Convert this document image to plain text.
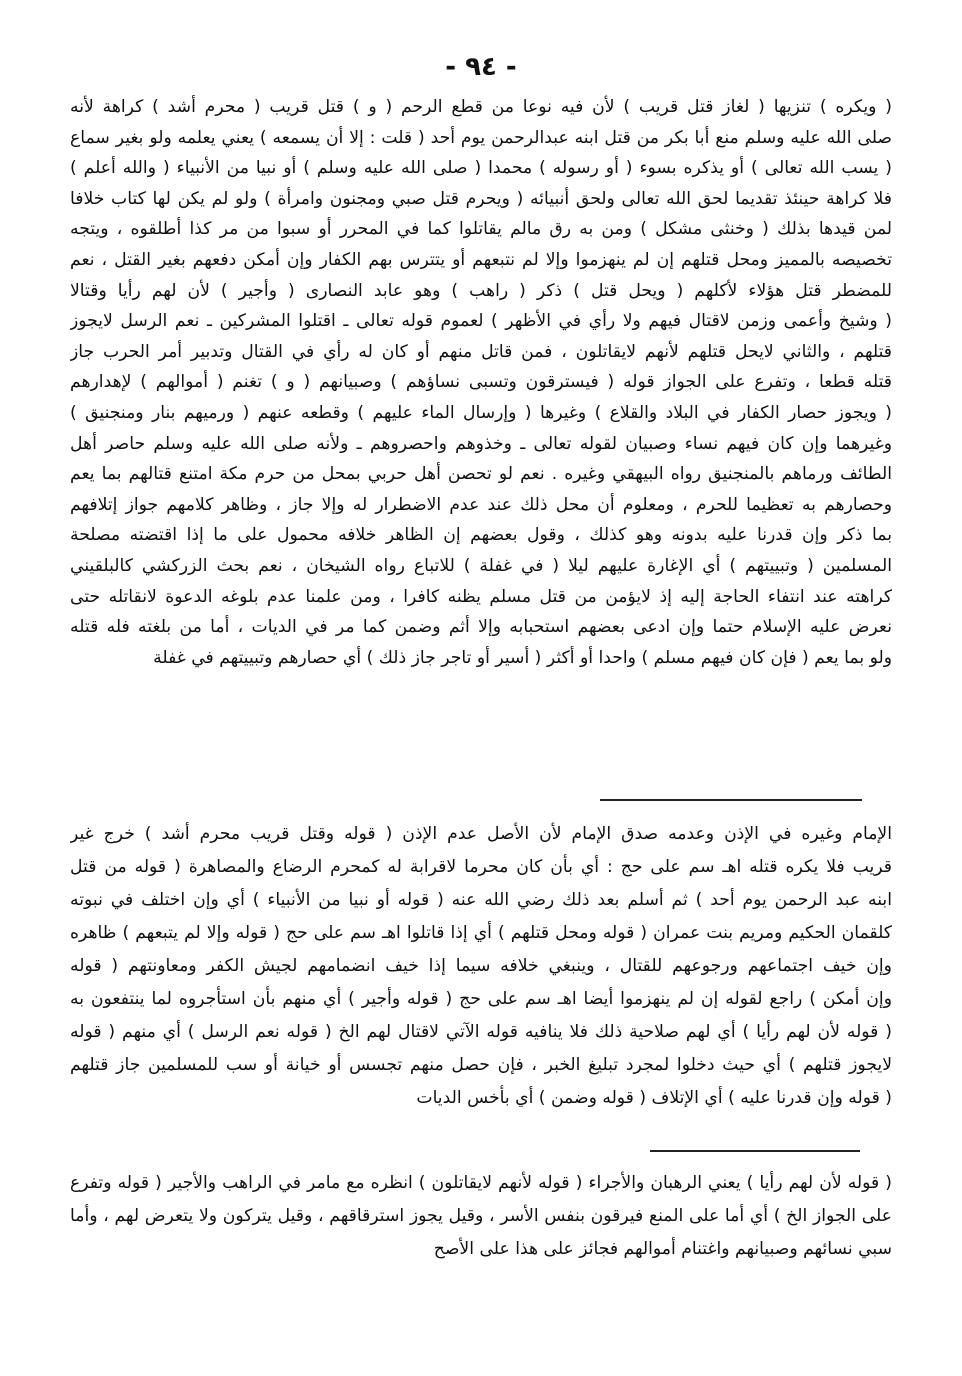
- ٩٤ -

( ويكره ) تنزيها ( لغاز قتل قريب ) لأن فيه نوعا من قطع الرحم ( و ) قتل قريب ( محرم أشد ) كراهة لأنه

صلى الله عليه وسلم منع أبا بكر من قتل ابنه عبدالرحمن يوم أحد ( قلت : إلا أن يسمعه ) يعني يعلمه ولو بغير سماع

( يسب الله تعالى ) أو يذكره بسوء ( أو رسوله ) محمدا ( صلى الله عليه وسلم ) أو نبيا من الأنبياء ( والله أعلم )

فلا كراهة حينئذ تقديما لحق الله تعالى ولحق أنبيائه ( ويحرم قتل صبي ومجنون وامرأة ) ولو لم يكن لها كتاب خلافا

لمن قيدها بذلك ( وخنثى مشكل ) ومن به رق مالم يقاتلوا كما في المحرر أو سبوا من مر كذا أطلقوه ، ويتجه

تخصيصه بالمميز ومحل قتلهم إن لم ينهزموا وإلا لم نتبعهم أو يتترس بهم الكفار وإن أمكن دفعهم بغير القتل ، نعم

للمضطر قتل هؤلاء لأكلهم ( ويحل قتل ) ذكر ( راهب ) وهو عابد النصارى ( وأجير ) لأن لهم رأيا وقتالا

( وشيخ وأعمى وزمن لاقتال فيهم ولا رأي في الأظهر ) لعموم قوله تعالى ـ اقتلوا المشركين ـ نعم الرسل لايجوز

قتلهم ، والثاني لايحل قتلهم لأنهم لايقاتلون ، فمن قاتل منهم أو كان له رأي في القتال وتدبير أمر الحرب جاز

قتله قطعا ، وتفرع على الجواز قوله ( فيسترقون وتسبى نساؤهم ) وصبيانهم ( و ) تغنم ( أموالهم ) لإهدارهم

( ويجوز حصار الكفار في البلاد والقلاع ) وغيرها ( وإرسال الماء عليهم ) وقطعه عنهم ( ورميهم بنار ومنجنيق )

وغيرهما وإن كان فيهم نساء وصبيان لقوله تعالى ـ وخذوهم واحصروهم ـ ولأنه صلى الله عليه وسلم حاصر أهل

الطائف ورماهم بالمنجنيق رواه البيهقي وغيره . نعم لو تحصن أهل حربي بمحل من حرم مكة امتنع قتالهم بما يعم

وحصارهم به تعظيما للحرم ، ومعلوم أن محل ذلك عند عدم الاضطرار له وإلا جاز ، وظاهر كلامهم جواز إتلافهم

بما ذكر وإن قدرنا عليه بدونه وهو كذلك ، وقول بعضهم إن الظاهر خلافه محمول على ما إذا اقتضته مصلحة

المسلمين ( وتبييتهم ) أي الإغارة عليهم ليلا ( في غفلة ) للاتباع رواه الشيخان ، نعم بحث الزركشي كالبلقيني

كراهته عند انتفاء الحاجة إليه إذ لايؤمن من قتل مسلم يظنه كافرا ، ومن علمنا عدم بلوغه الدعوة لانقاتله حتى

نعرض عليه الإسلام حتما وإن ادعى بعضهم استحبابه وإلا أثم وضمن كما مر في الديات ، أما من بلغته فله قتله

ولو بما يعم ( فإن كان فيهم مسلم ) واحدا أو أكثر ( أسير أو تاجر جاز ذلك ) أي حصارهم وتبييتهم في غفلة

الإمام وغيره في الإذن وعدمه صدق الإمام لأن الأصل عدم الإذن ( قوله وقتل قريب محرم أشد ) خرج غير

قريب فلا يكره قتله اهـ سم على حج : أي بأن كان محرما لاقرابة له كمحرم الرضاع والمصاهرة ( قوله من قتل

ابنه عبد الرحمن يوم أحد ) ثم أسلم بعد ذلك رضي الله عنه ( قوله أو نبيا من الأنبياء ) أي وإن اختلف في نبوته

كلقمان الحكيم ومريم بنت عمران ( قوله ومحل قتلهم ) أي إذا قاتلوا اهـ سم على حج ( قوله وإلا لم يتبعهم ) ظاهره

وإن خيف اجتماعهم ورجوعهم للقتال ، وينبغي خلافه سيما إذا خيف انضمامهم لجيش الكفر ومعاونتهم ( قوله

وإن أمكن ) راجع لقوله إن لم ينهزموا أيضا اهـ سم على حج ( قوله وأجير ) أي منهم بأن استأجروه لما ينتفعون به

( قوله لأن لهم رأيا ) أي لهم صلاحية ذلك فلا ينافيه قوله الآتي لاقتال لهم الخ ( قوله نعم الرسل ) أي منهم ( قوله

لايجوز قتلهم ) أي حيث دخلوا لمجرد تبليغ الخبر ، فإن حصل منهم تجسس أو خيانة أو سب للمسلمين جاز قتلهم

( قوله وإن قدرنا عليه ) أي الإتلاف ( قوله وضمن ) أي بأخس الديات

( قوله لأن لهم رأيا ) يعني الرهبان والأجراء ( قوله لأنهم لايقاتلون ) انظره مع مامر في الراهب والأجير ( قوله وتفرع

على الجواز الخ ) أي أما على المنع فيرقون بنفس الأسر ، وقيل يجوز استرقاقهم ، وقيل يتركون ولا يتعرض لهم ، وأما

سبي نسائهم وصبيانهم واغتنام أموالهم فجائز على هذا على الأصح
